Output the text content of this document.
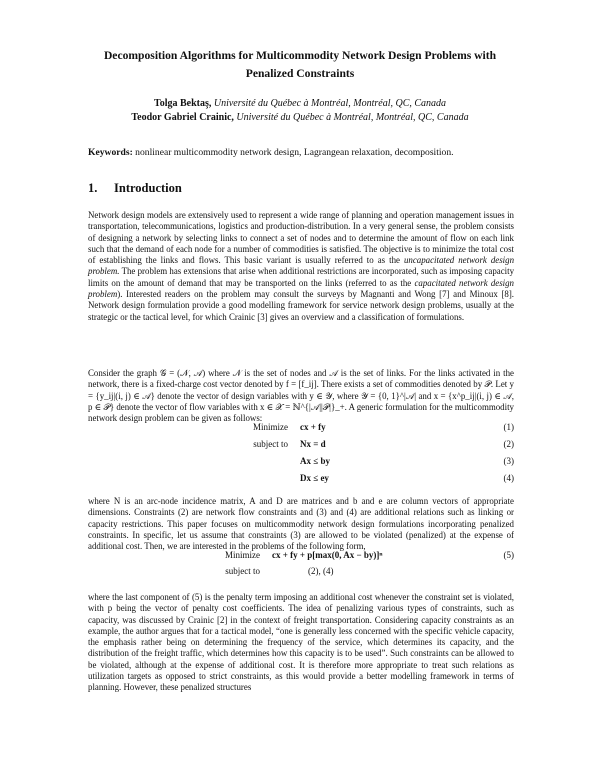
Decomposition Algorithms for Multicommodity Network Design Problems with
Penalized Constraints
Tolga Bektaş, Université du Québec à Montréal, Montréal, QC, Canada
Teodor Gabriel Crainic, Université du Québec à Montréal, Montréal, QC, Canada
Keywords: nonlinear multicommodity network design, Lagrangean relaxation, decomposition.
1. Introduction

Network design models are extensively used to represent a wide range of planning and operation management issues in transportation, telecommunications, logistics and production-distribution. In a very general sense, the problem consists of designing a network by selecting links to connect a set of nodes and to determine the amount of flow on each link such that the demand of each node for a number of commodities is satisfied. The objective is to minimize the total cost of establishing the links and flows. This basic variant is usually referred to as the uncapacitated network design problem. The problem has extensions that arise when additional restrictions are incorporated, such as imposing capacity limits on the amount of demand that may be transported on the links (referred to as the capacitated network design problem). Interested readers on the problem may consult the surveys by Magnanti and Wong [7] and Minoux [8]. Network design formulation provide a good modelling framework for service network design problems, usually at the strategic or the tactical level, for which Crainic [3] gives an overview and a classification of formulations.

Consider the graph 𝒢 = (𝒩, 𝒜) where 𝒩 is the set of nodes and 𝒜 is the set of links. For the links activated in the network, there is a fixed-charge cost vector denoted by f = [f_ij]. There exists a set of commodities denoted by 𝒫. Let y = {y_ij|(i, j) ∈ 𝒜} denote the vector of design variables with y ∈ 𝒴, where 𝒴 = {0, 1}^|𝒜| and x = {x^p_ij|(i, j) ∈ 𝒜, p ∈ 𝒫} denote the vector of flow variables with x ∈ 𝒳 = ℕ^{|𝒜||𝒫|}_+. A generic formulation for the multicommodity network design problem can be given as follows:

Minimize cx + fy	(1)
subject to Nx = d	(2)
Ax ≤ by	(3)
Dx ≤ ey	(4)

where N is an arc-node incidence matrix, A and D are matrices and b and e are column vectors of appropriate dimensions. Constraints (2) are network flow constraints and (3) and (4) are additional relations such as linking or capacity restrictions. This paper focuses on multicommodity network design formulations incorporating penalized constraints. In specific, let us assume that constraints (3) are allowed to be violated (penalized) at the expense of additional cost. Then, we are interested in the problems of the following form,

Minimize cx + fy + p[max(0, Ax − by)]ⁿ	(5)
subject to	(2), (4)

where the last component of (5) is the penalty term imposing an additional cost whenever the constraint set is violated, with p being the vector of penalty cost coefficients. The idea of penalizing various types of constraints, such as capacity, was discussed by Crainic [2] in the context of freight transportation. Considering capacity constraints as an example, the author argues that for a tactical model, “one is generally less concerned with the specific vehicle capacity, the emphasis rather being on determining the frequency of the service, which determines its capacity, and the distribution of the freight traffic, which determines how this capacity is to be used”. Such constraints can be allowed to be violated, although at the expense of additional cost. It is therefore more appropriate to treat such relations as utilization targets as opposed to strict constraints, as this would provide a better modelling framework in terms of planning. However, these penalized structures
